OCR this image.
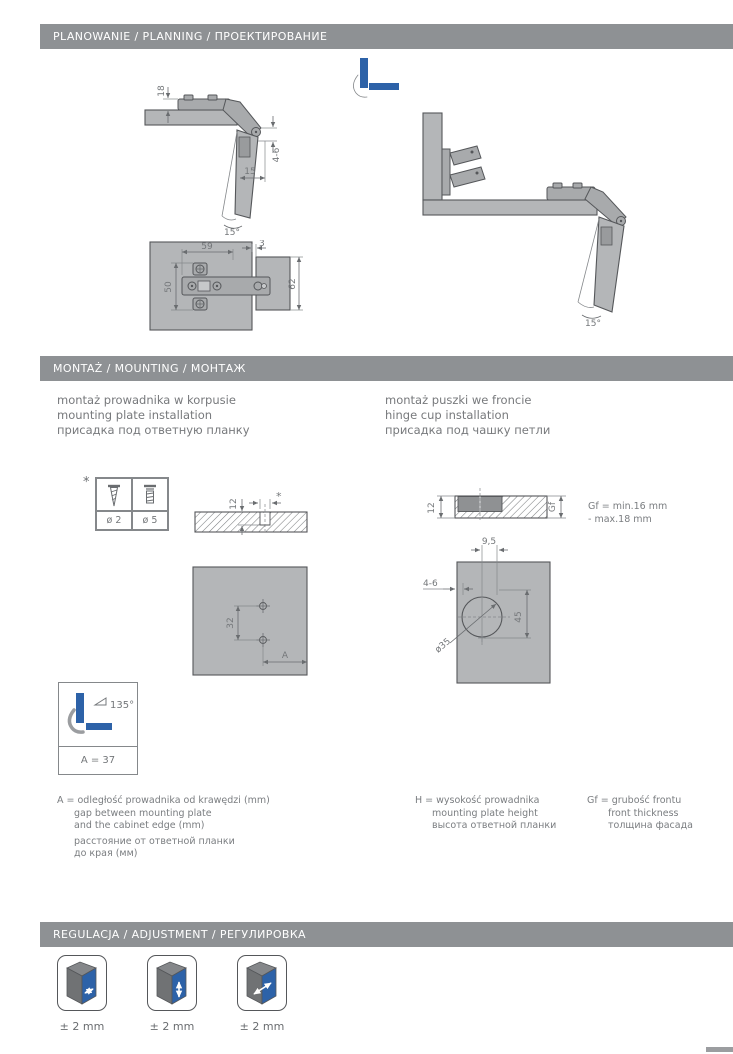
PLANOWANIE / PLANNING / ПРОЕКТИРОВАНИЕ
18
4-6
15
15°
15°
59
50
3
62
MONTAŻ / MOUNTING / МОНТАЖ
montaż prowadnika w korpusie
mounting plate installation
присадка под ответную планку
montaż puszki we froncie
hinge cup installation
присадка под чашку петли
*
ø 2	ø 5
12
*
32
A
135°
A = 37
12	Gf	Gf = min.16 mm
- max.18 mm
9,5
4-6
45
ø35
A = odległość prowadnika od krawędzi (mm)
gap between mounting plate
and the cabinet edge (mm)
расстояние от ответной планки
до края (мм)
H = wysokość prowadnika
mounting plate height
высота ответной планки
Gf = grubość frontu
front thickness
толщина фасада
REGULACJA / ADJUSTMENT / РЕГУЛИРОВКА
± 2 mm	± 2 mm	± 2 mm
